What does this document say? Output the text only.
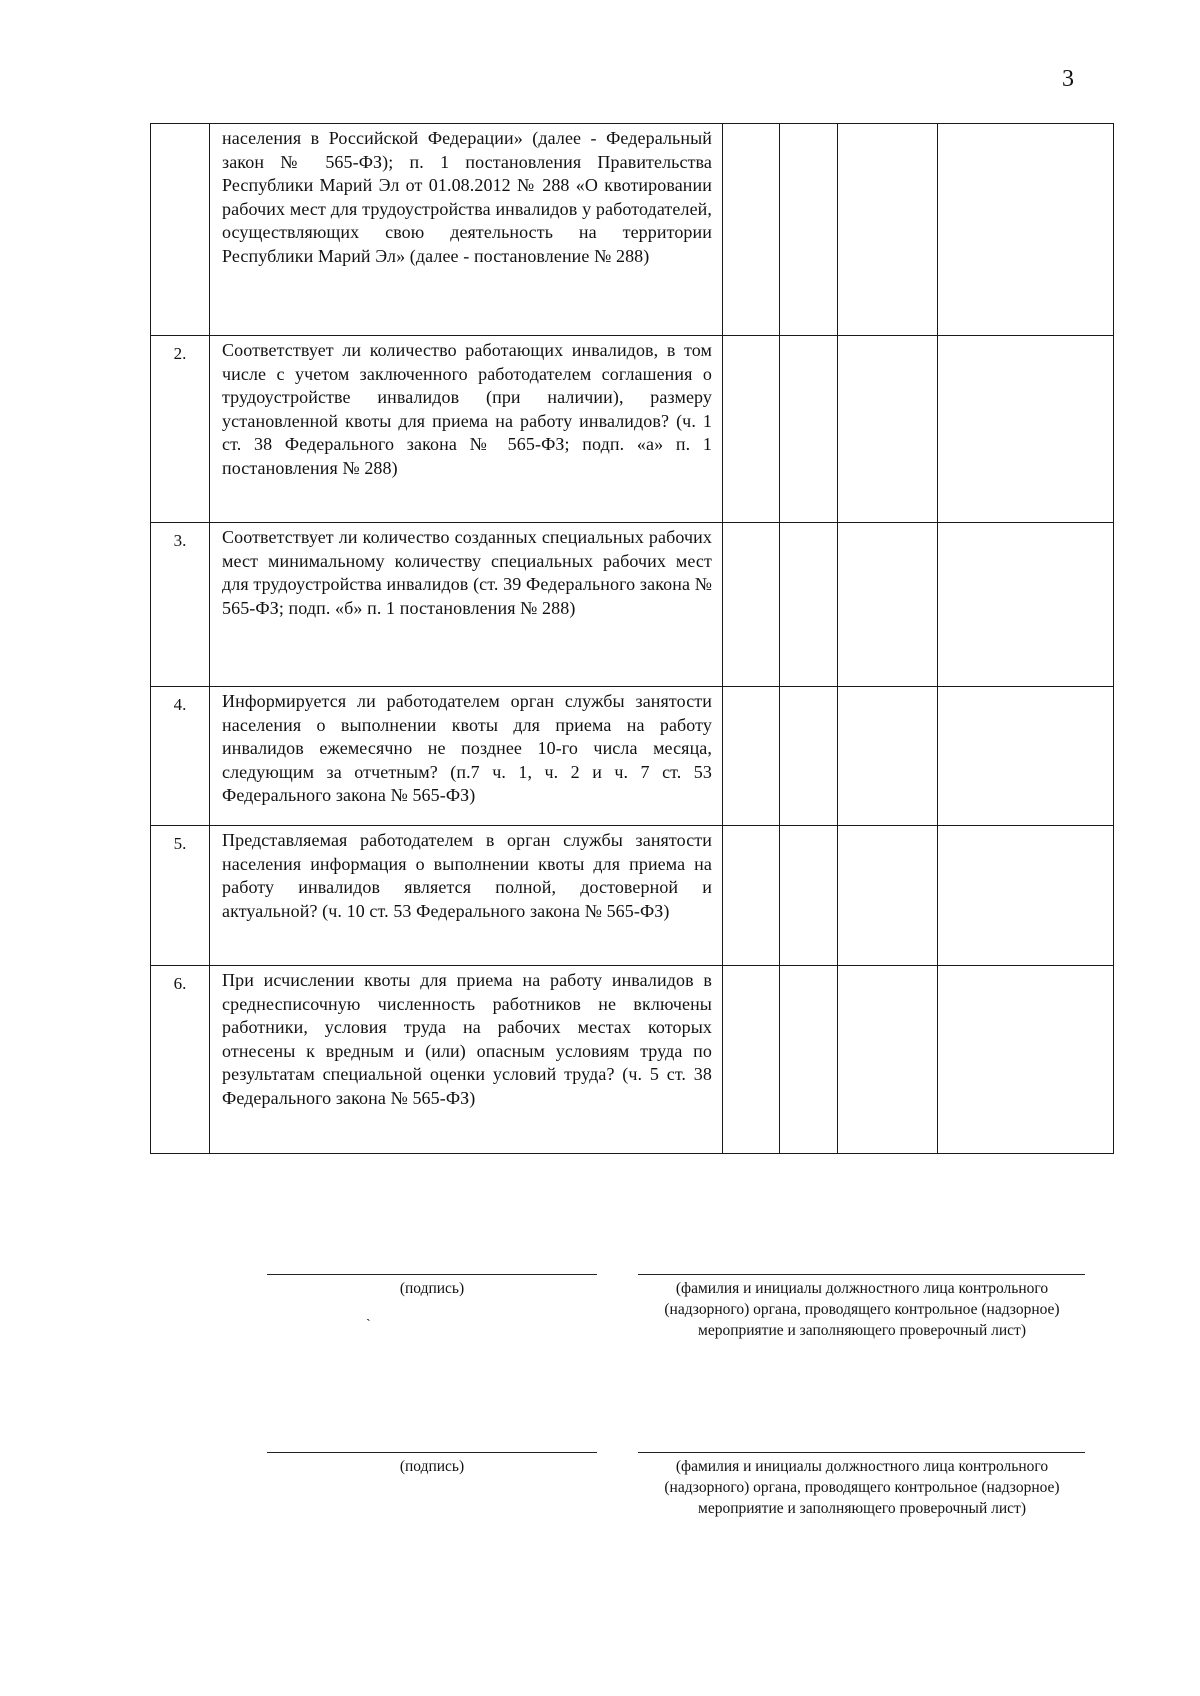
3

	населения в Российской Федерации» (далее - Федеральный закон № 565-ФЗ); п. 1 постановления Правительства Республики Марий Эл от 01.08.2012 № 288 «О квотировании рабочих мест для трудоустройства инвалидов у работодателей, осуществляющих свою деятельность на территории Республики Марий Эл» (далее - постановление № 288)				

2.	Соответствует ли количество работающих инвалидов, в том числе с учетом заключенного работодателем соглашения о трудоустройстве инвалидов (при наличии), размеру установленной квоты для приема на работу инвалидов? (ч. 1 ст. 38 Федерального закона № 565-ФЗ; подп. «а» п. 1 постановления № 288)				

3.	Соответствует ли количество созданных специальных рабочих мест минимальному количеству специальных рабочих мест для трудоустройства инвалидов (ст. 39 Федерального закона № 565-ФЗ; подп. «б» п. 1 постановления № 288)				

4.	Информируется ли работодателем орган службы занятости населения о выполнении квоты для приема на работу инвалидов ежемесячно не позднее 10-го числа месяца, следующим за отчетным? (п.7 ч. 1, ч. 2 и ч. 7 ст. 53 Федерального закона № 565-ФЗ)				

5.	Представляемая работодателем в орган службы занятости населения информация о выполнении квоты для приема на работу инвалидов является полной, достоверной и актуальной? (ч. 10 ст. 53 Федерального закона № 565-ФЗ)				

6.	При исчислении квоты для приема на работу инвалидов в среднесписочную численность работников не включены работники, условия труда на рабочих местах которых отнесены к вредным и (или) опасным условиям труда по результатам специальной оценки условий труда? (ч. 5 ст. 38 Федерального закона № 565-ФЗ)				

(подпись)	(фамилия и инициалы должностного лица контрольного (надзорного) органа, проводящего контрольное (надзорное) мероприятие и заполняющего проверочный лист)
ˏ
(подпись)	(фамилия и инициалы должностного лица контрольного (надзорного) органа, проводящего контрольное (надзорное) мероприятие и заполняющего проверочный лист)
